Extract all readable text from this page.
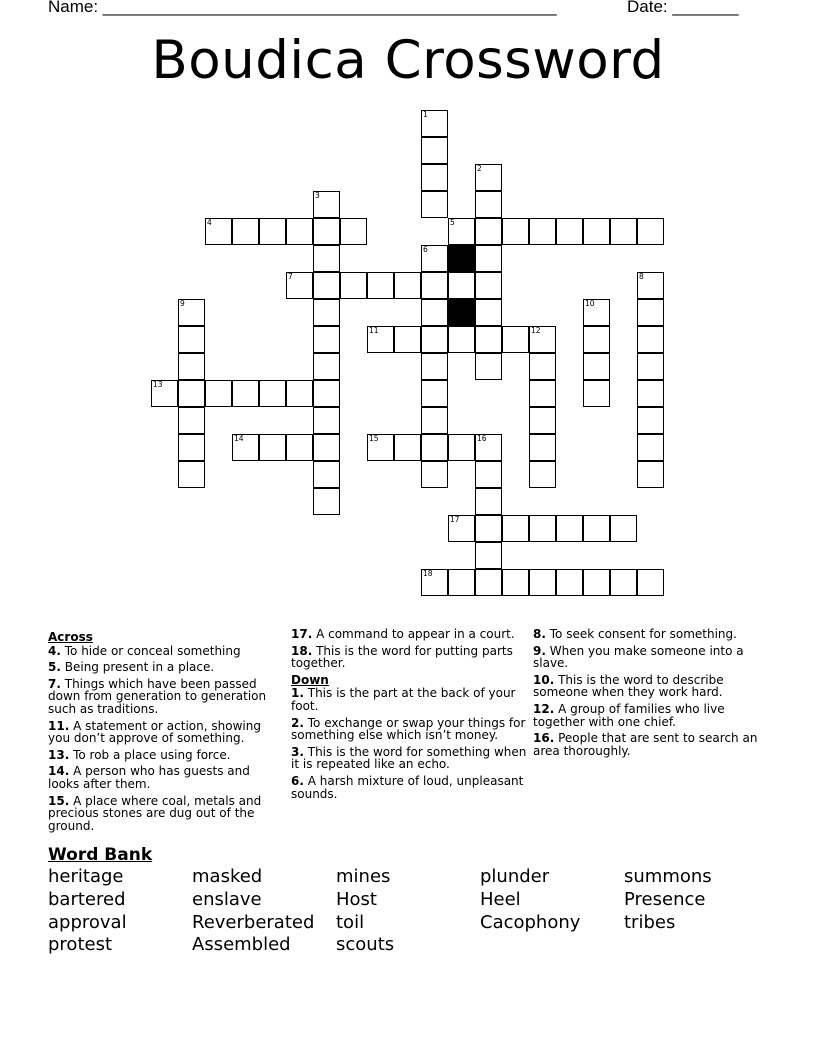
Name: ________________________________________________	Date: _______
Boudica Crossword
1
2
3
4	5
6
7	8
9	10
11	12
13
14	15	16
17
18
Across
4. To hide or conceal something
5. Being present in a place.
7. Things which have been passed down from generation to generation such as traditions.
11. A statement or action, showing you don’t approve of something.
13. To rob a place using force.
14. A person who has guests and looks after them.
15. A place where coal, metals and precious stones are dug out of the ground.
17. A command to appear in a court.
18. This is the word for putting parts together.
Down
1. This is the part at the back of your foot.
2. To exchange or swap your things for something else which isn’t money.
3. This is the word for something when it is repeated like an echo.
6. A harsh mixture of loud, unpleasant sounds.
8. To seek consent for something.
9. When you make someone into a slave.
10. This is the word to describe someone when they work hard.
12. A group of families who live together with one chief.
16. People that are sent to search an area thoroughly.
Word Bank
heritage	masked	mines	plunder	summons
bartered	enslave	Host	Heel	Presence
approval	Reverberated	toil	Cacophony	tribes
protest	Assembled	scouts
